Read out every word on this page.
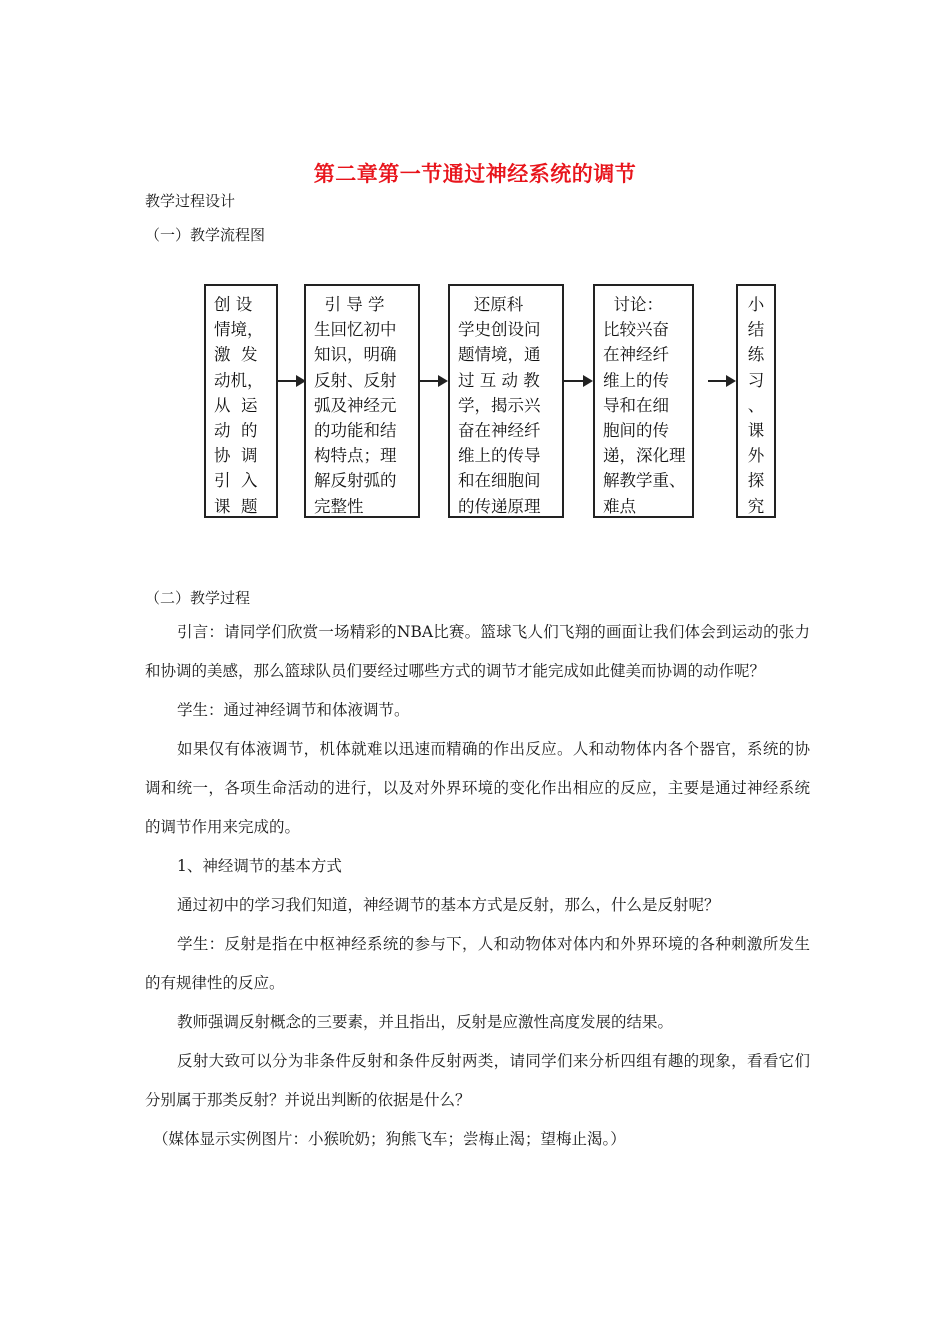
第二章第一节通过神经系统的调节
教学过程设计
（一）教学流程图
创 设
情境，
激  发
动机，
从  运
动  的
协  调
引  入
课  题
引 导 学
生回忆初中
知识，明确
反射、反射
弧及神经元
的功能和结
构特点；理
解反射弧的
完整性
还原科
学史创设问
题情境，通
过 互 动 教
学，揭示兴
奋在神经纤
维上的传导
和在细胞间
的传递原理
讨论：
比较兴奋
在神经纤
维上的传
导和在细
胞间的传
递，深化理
解教学重、
难点
小
结
练
习
、
课
外
探
究
（二）教学过程

引言：请同学们欣赏一场精彩的NBA比赛。篮球飞人们飞翔的画面让我们体会到运动的张力和协调的美感，那么篮球队员们要经过哪些方式的调节才能完成如此健美而协调的动作呢？

学生：通过神经调节和体液调节。

如果仅有体液调节，机体就难以迅速而精确的作出反应。人和动物体内各个器官，系统的协调和统一，各项生命活动的进行，以及对外界环境的变化作出相应的反应，主要是通过神经系统的调节作用来完成的。

1、神经调节的基本方式

通过初中的学习我们知道，神经调节的基本方式是反射，那么，什么是反射呢？

学生：反射是指在中枢神经系统的参与下，人和动物体对体内和外界环境的各种刺激所发生的有规律性的反应。

教师强调反射概念的三要素，并且指出，反射是应激性高度发展的结果。

反射大致可以分为非条件反射和条件反射两类，请同学们来分析四组有趣的现象，看看它们分别属于那类反射？并说出判断的依据是什么？

（媒体显示实例图片：小猴吮奶；狗熊飞车；尝梅止渴；望梅止渴。）
